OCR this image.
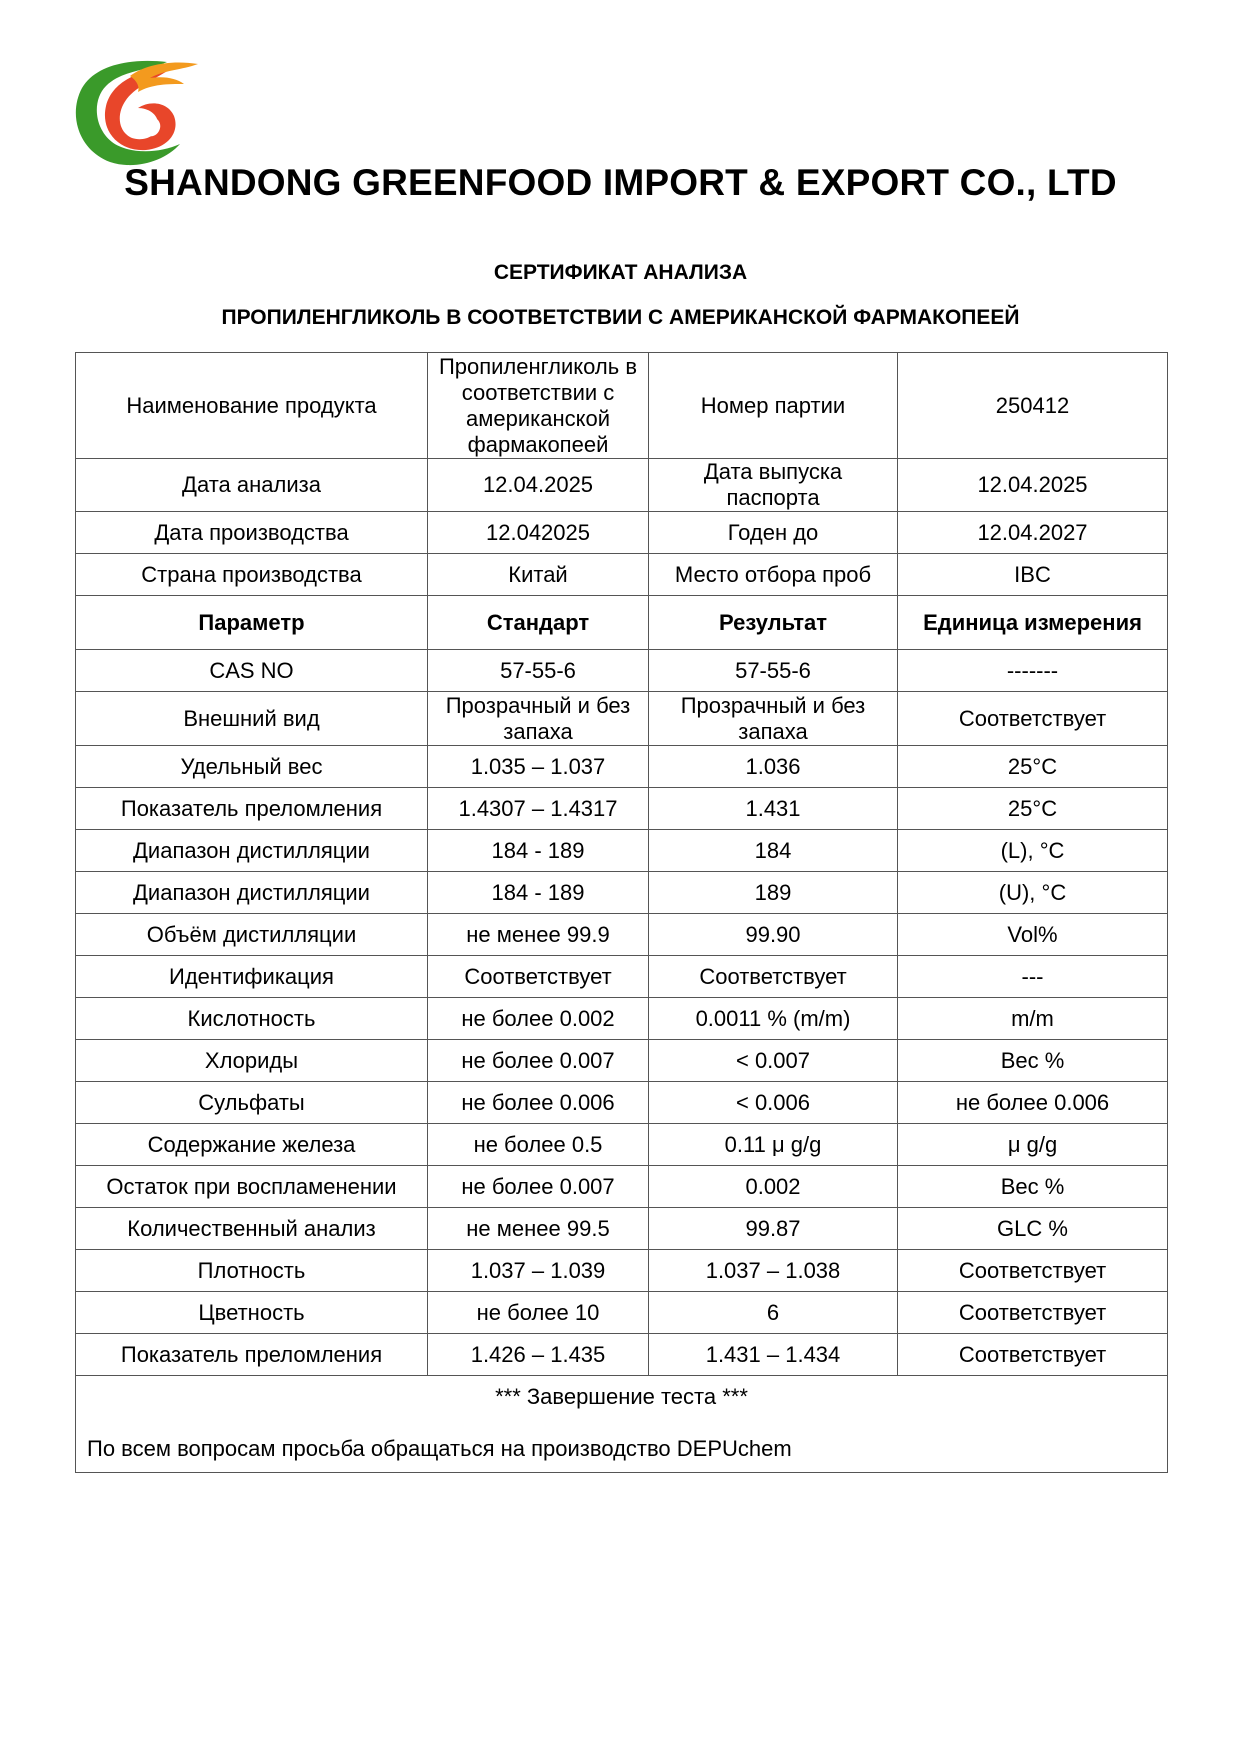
SHANDONG GREENFOOD IMPORT & EXPORT CO., LTD
СЕРТИФИКАТ АНАЛИЗА
ПРОПИЛЕНГЛИКОЛЬ В СООТВЕТСТВИИ С АМЕРИКАНСКОЙ ФАРМАКОПЕЕЙ
Наименование продукта	Пропиленгликоль в соответствии с американской фармакопеей	Номер партии	250412
Дата анализа	12.04.2025	Дата выпуска паспорта	12.04.2025
Дата производства	12.042025	Годен до	12.04.2027
Страна производства	Китай	Место отбора проб	IBC
Параметр	Стандарт	Результат	Единица измерения
CAS NO	57-55-6	57-55-6	-------
Внешний вид	Прозрачный и без запаха	Прозрачный и без запаха	Соответствует
Удельный вес	1.035 – 1.037	1.036	25°C
Показатель преломления	1.4307 – 1.4317	1.431	25°C
Диапазон дистилляции	184 - 189	184	(L), °C
Диапазон дистилляции	184 - 189	189	(U), °C
Объём дистилляции	не менее 99.9	99.90	Vol%
Идентификация	Соответствует	Соответствует	---
Кислотность	не более 0.002	0.0011 % (m/m)	m/m
Хлориды	не более 0.007	< 0.007	Вес %
Сульфаты	не более 0.006	< 0.006	не более 0.006
Содержание железа	не более 0.5	0.11 μ g/g	μ g/g
Остаток при воспламенении	не более 0.007	0.002	Вес %
Количественный анализ	не менее 99.5	99.87	GLC %
Плотность	1.037 – 1.039	1.037 – 1.038	Соответствует
Цветность	не более 10	6	Соответствует
Показатель преломления	1.426 – 1.435	1.431 – 1.434	Соответствует

*** Завершение теста ***
По всем вопросам просьба обращаться на производство DEPUchem			
